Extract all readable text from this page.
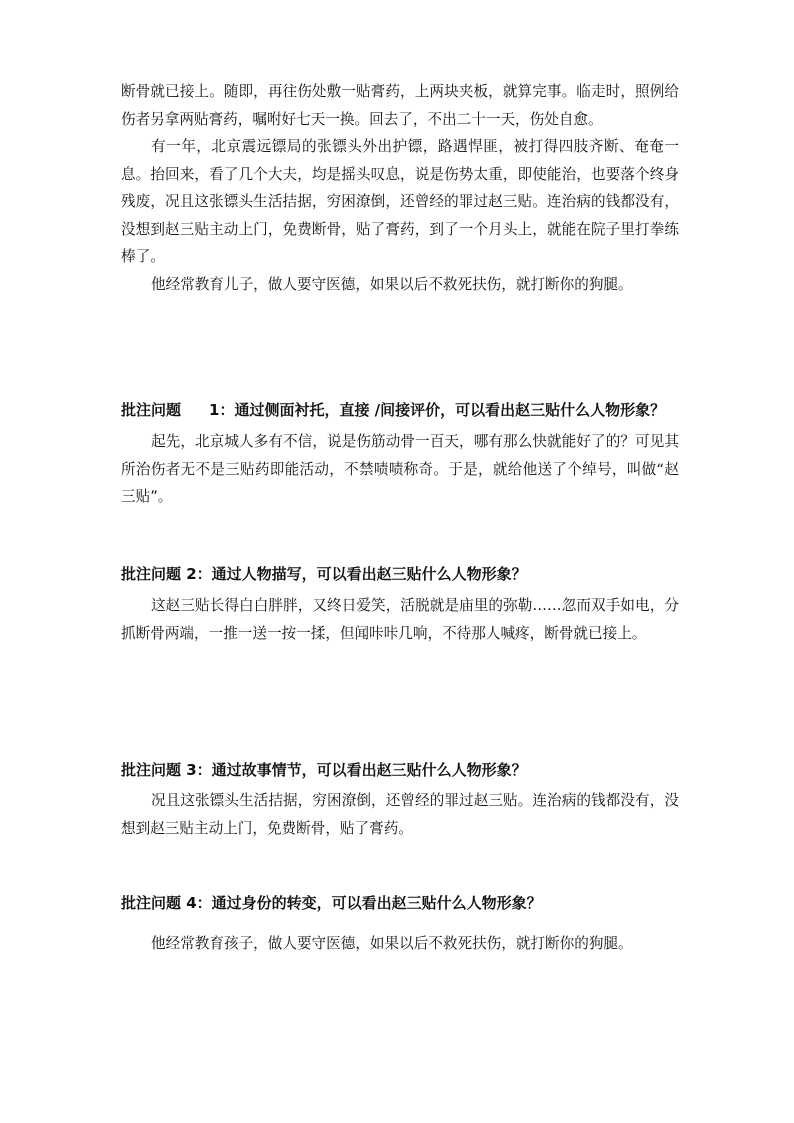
断骨就已接上。随即，再往伤处敷一贴膏药，上两块夹板，就算完事。临走时，照例给伤者另拿两贴膏药，嘱咐好七天一换。回去了，不出二十一天，伤处自愈。

有一年，北京震远镖局的张镖头外出护镖，路遇悍匪，被打得四肢齐断、奄奄一息。抬回来，看了几个大夫，均是摇头叹息，说是伤势太重，即使能治，也要落个终身残废，况且这张镖头生活拮据，穷困潦倒，还曾经的罪过赵三贴。连治病的钱都没有，没想到赵三贴主动上门，免费断骨，贴了膏药，到了一个月头上，就能在院子里打拳练棒了。

他经常教育儿子，做人要守医德，如果以后不救死扶伤，就打断你的狗腿。

批注问题 1：通过侧面衬托，直接 /间接评价，可以看出赵三贴什么人物形象？

起先，北京城人多有不信，说是伤筋动骨一百天，哪有那么快就能好了的？可见其所治伤者无不是三贴药即能活动，不禁啧啧称奇。于是，就给他送了个绰号，叫做“赵三贴”。

批注问题 2：通过人物描写，可以看出赵三贴什么人物形象？

这赵三贴长得白白胖胖，又终日爱笑，活脱就是庙里的弥勒……忽而双手如电，分抓断骨两端，一推一送一按一揉，但闻咔咔几响，不待那人喊疼，断骨就已接上。

批注问题 3：通过故事情节，可以看出赵三贴什么人物形象？

况且这张镖头生活拮据，穷困潦倒，还曾经的罪过赵三贴。连治病的钱都没有，没想到赵三贴主动上门，免费断骨，贴了膏药。

批注问题 4：通过身份的转变，可以看出赵三贴什么人物形象？

他经常教育孩子，做人要守医德，如果以后不救死扶伤，就打断你的狗腿。
